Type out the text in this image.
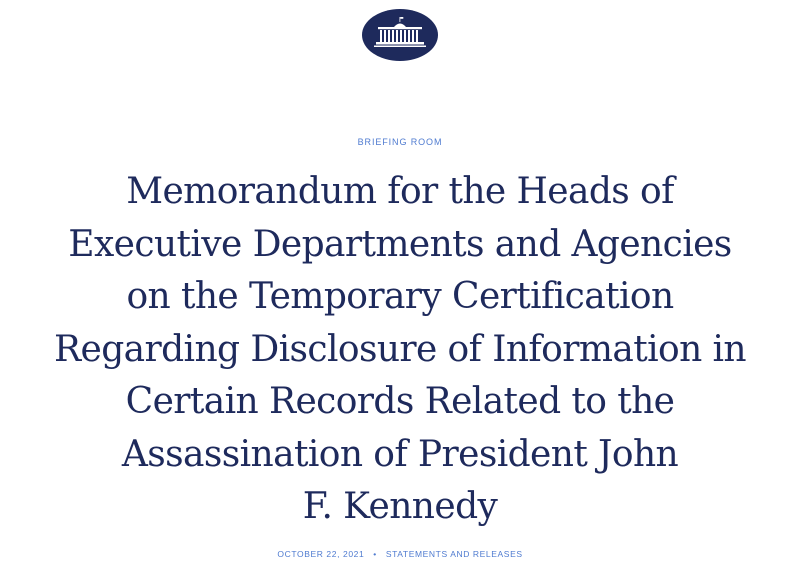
BRIEFING ROOM
Memorandum for the Heads of
Executive Departments and Agencies
on the Temporary Certification
Regarding Disclosure of Information in
Certain Records Related to the
Assassination of President John
F. Kennedy
OCTOBER 22, 2021 • STATEMENTS AND RELEASES
